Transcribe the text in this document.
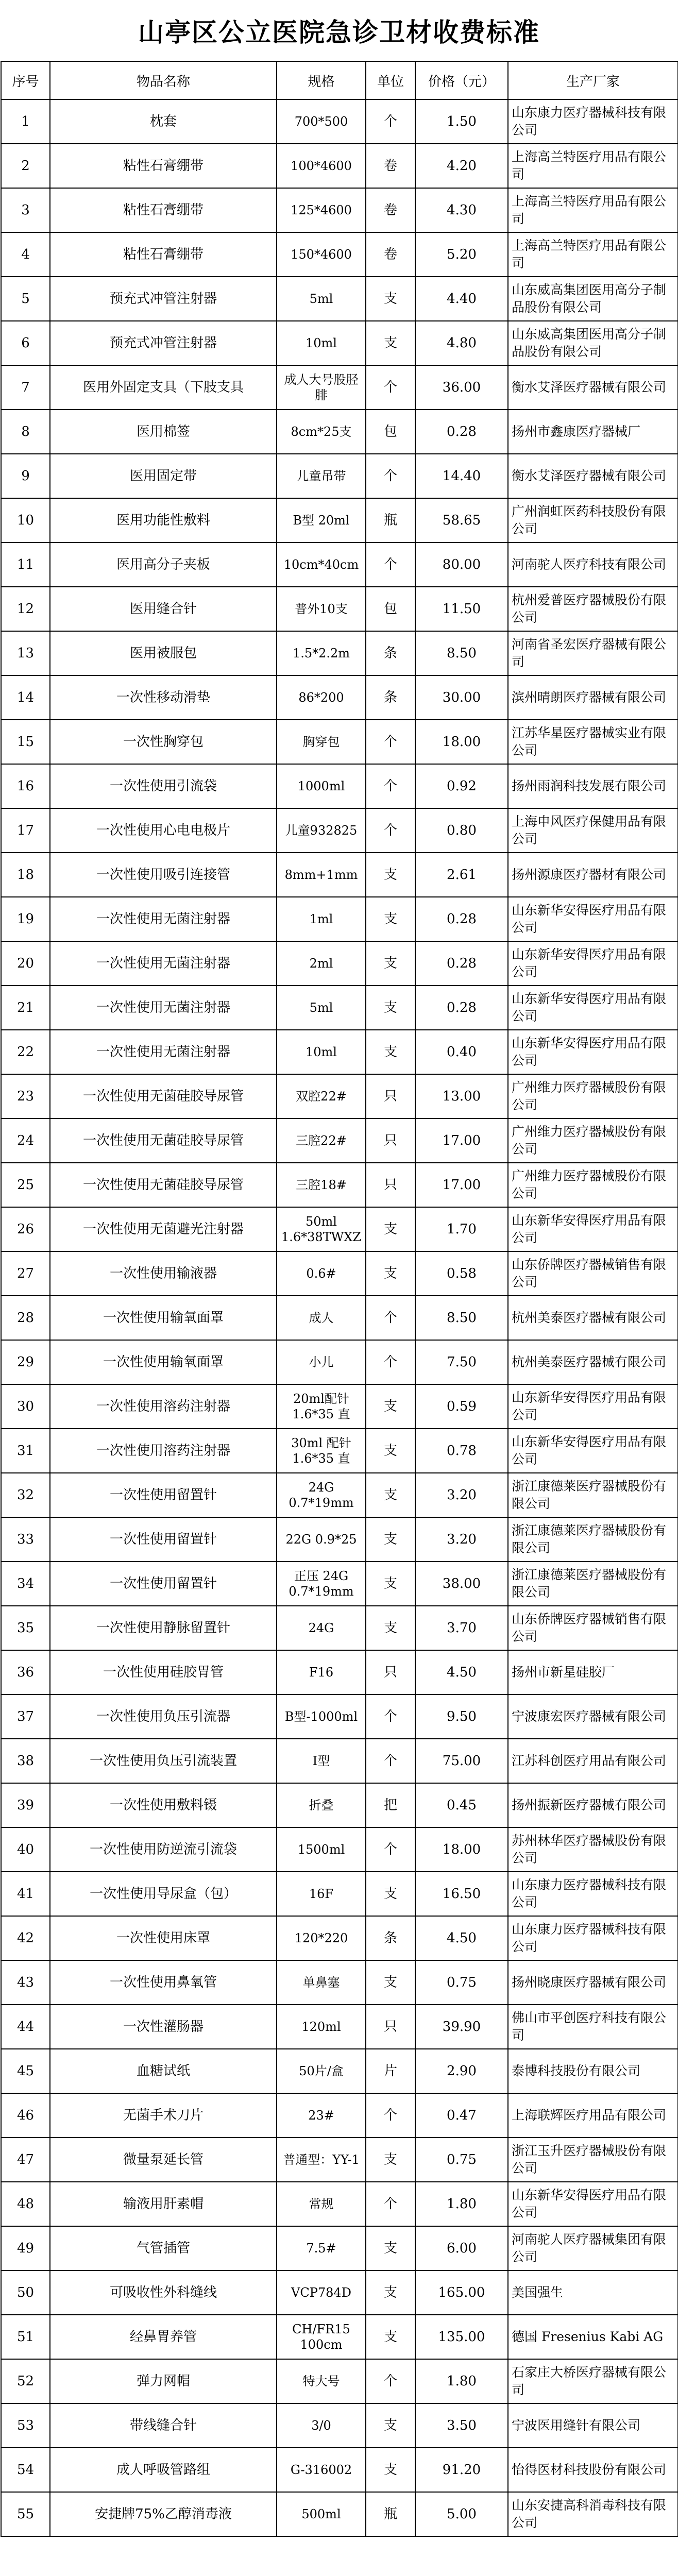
山亭区公立医院急诊卫材收费标准
序号	物品名称	规格	单位	价格（元）	生产厂家
1	枕套	700*500	个	1.50	山东康力医疗器械科技有限公司
2	粘性石膏绷带	100*4600	卷	4.20	上海高兰特医疗用品有限公司
3	粘性石膏绷带	125*4600	卷	4.30	上海高兰特医疗用品有限公司
4	粘性石膏绷带	150*4600	卷	5.20	上海高兰特医疗用品有限公司
5	预充式冲管注射器	5ml	支	4.40	山东威高集团医用高分子制品股份有限公司
6	预充式冲管注射器	10ml	支	4.80	山东威高集团医用高分子制品股份有限公司
7	医用外固定支具（下肢支具	成人大号股胫腓	个	36.00	衡水艾泽医疗器械有限公司
8	医用棉签	8cm*25支	包	0.28	扬州市鑫康医疗器械厂
9	医用固定带	儿童吊带	个	14.40	衡水艾泽医疗器械有限公司
10	医用功能性敷料	B型 20ml	瓶	58.65	广州润虹医药科技股份有限公司
11	医用高分子夹板	10cm*40cm	个	80.00	河南驼人医疗科技有限公司
12	医用缝合针	普外10支	包	11.50	杭州爱普医疗器械股份有限公司
13	医用被服包	1.5*2.2m	条	8.50	河南省圣宏医疗器械有限公司
14	一次性移动滑垫	86*200	条	30.00	滨州晴朗医疗器械有限公司
15	一次性胸穿包	胸穿包	个	18.00	江苏华星医疗器械实业有限公司
16	一次性使用引流袋	1000ml	个	0.92	扬州雨润科技发展有限公司
17	一次性使用心电电极片	儿童932825	个	0.80	上海申风医疗保健用品有限公司
18	一次性使用吸引连接管	8mm+1mm	支	2.61	扬州源康医疗器材有限公司
19	一次性使用无菌注射器	1ml	支	0.28	山东新华安得医疗用品有限公司
20	一次性使用无菌注射器	2ml	支	0.28	山东新华安得医疗用品有限公司
21	一次性使用无菌注射器	5ml	支	0.28	山东新华安得医疗用品有限公司
22	一次性使用无菌注射器	10ml	支	0.40	山东新华安得医疗用品有限公司
23	一次性使用无菌硅胶导尿管	双腔22#	只	13.00	广州维力医疗器械股份有限公司
24	一次性使用无菌硅胶导尿管	三腔22#	只	17.00	广州维力医疗器械股份有限公司
25	一次性使用无菌硅胶导尿管	三腔18#	只	17.00	广州维力医疗器械股份有限公司
26	一次性使用无菌避光注射器	50ml 1.6*38TWXZ	支	1.70	山东新华安得医疗用品有限公司
27	一次性使用输液器	0.6#	支	0.58	山东侨牌医疗器械销售有限公司
28	一次性使用输氧面罩	成人	个	8.50	杭州美泰医疗器械有限公司
29	一次性使用输氧面罩	小儿	个	7.50	杭州美泰医疗器械有限公司
30	一次性使用溶药注射器	20ml配针1.6*35 直	支	0.59	山东新华安得医疗用品有限公司
31	一次性使用溶药注射器	30ml 配针1.6*35 直	支	0.78	山东新华安得医疗用品有限公司
32	一次性使用留置针	24G 0.7*19mm	支	3.20	浙江康德莱医疗器械股份有限公司
33	一次性使用留置针	22G 0.9*25	支	3.20	浙江康德莱医疗器械股份有限公司
34	一次性使用留置针	正压 24G 0.7*19mm	支	38.00	浙江康德莱医疗器械股份有限公司
35	一次性使用静脉留置针	24G	支	3.70	山东侨牌医疗器械销售有限公司
36	一次性使用硅胶胃管	F16	只	4.50	扬州市新星硅胶厂
37	一次性使用负压引流器	B型-1000ml	个	9.50	宁波康宏医疗器械有限公司
38	一次性使用负压引流装置	I型	个	75.00	江苏科创医疗用品有限公司
39	一次性使用敷料镊	折叠	把	0.45	扬州振新医疗器械有限公司
40	一次性使用防逆流引流袋	1500ml	个	18.00	苏州林华医疗器械股份有限公司
41	一次性使用导尿盒（包）	16F	支	16.50	山东康力医疗器械科技有限公司
42	一次性使用床罩	120*220	条	4.50	山东康力医疗器械科技有限公司
43	一次性使用鼻氧管	单鼻塞	支	0.75	扬州晓康医疗器械有限公司
44	一次性灌肠器	120ml	只	39.90	佛山市平创医疗科技有限公司
45	血糖试纸	50片/盒	片	2.90	泰博科技股份有限公司
46	无菌手术刀片	23#	个	0.47	上海联辉医疗用品有限公司
47	微量泵延长管	普通型：YY-1	支	0.75	浙江玉升医疗器械股份有限公司
48	输液用肝素帽	常规	个	1.80	山东新华安得医疗用品有限公司
49	气管插管	7.5#	支	6.00	河南驼人医疗器械集团有限公司
50	可吸收性外科缝线	VCP784D	支	165.00	美国强生
51	经鼻胃养管	CH/FR15 100cm	支	135.00	德国 Fresenius Kabi AG
52	弹力网帽	特大号	个	1.80	石家庄大桥医疗器械有限公司
53	带线缝合针	3/0	支	3.50	宁波医用缝针有限公司
54	成人呼吸管路组	G-316002	支	91.20	怡得医材科技股份有限公司
55	安捷牌75%乙醇消毒液	500ml	瓶	5.00	山东安捷高科消毒科技有限公司
